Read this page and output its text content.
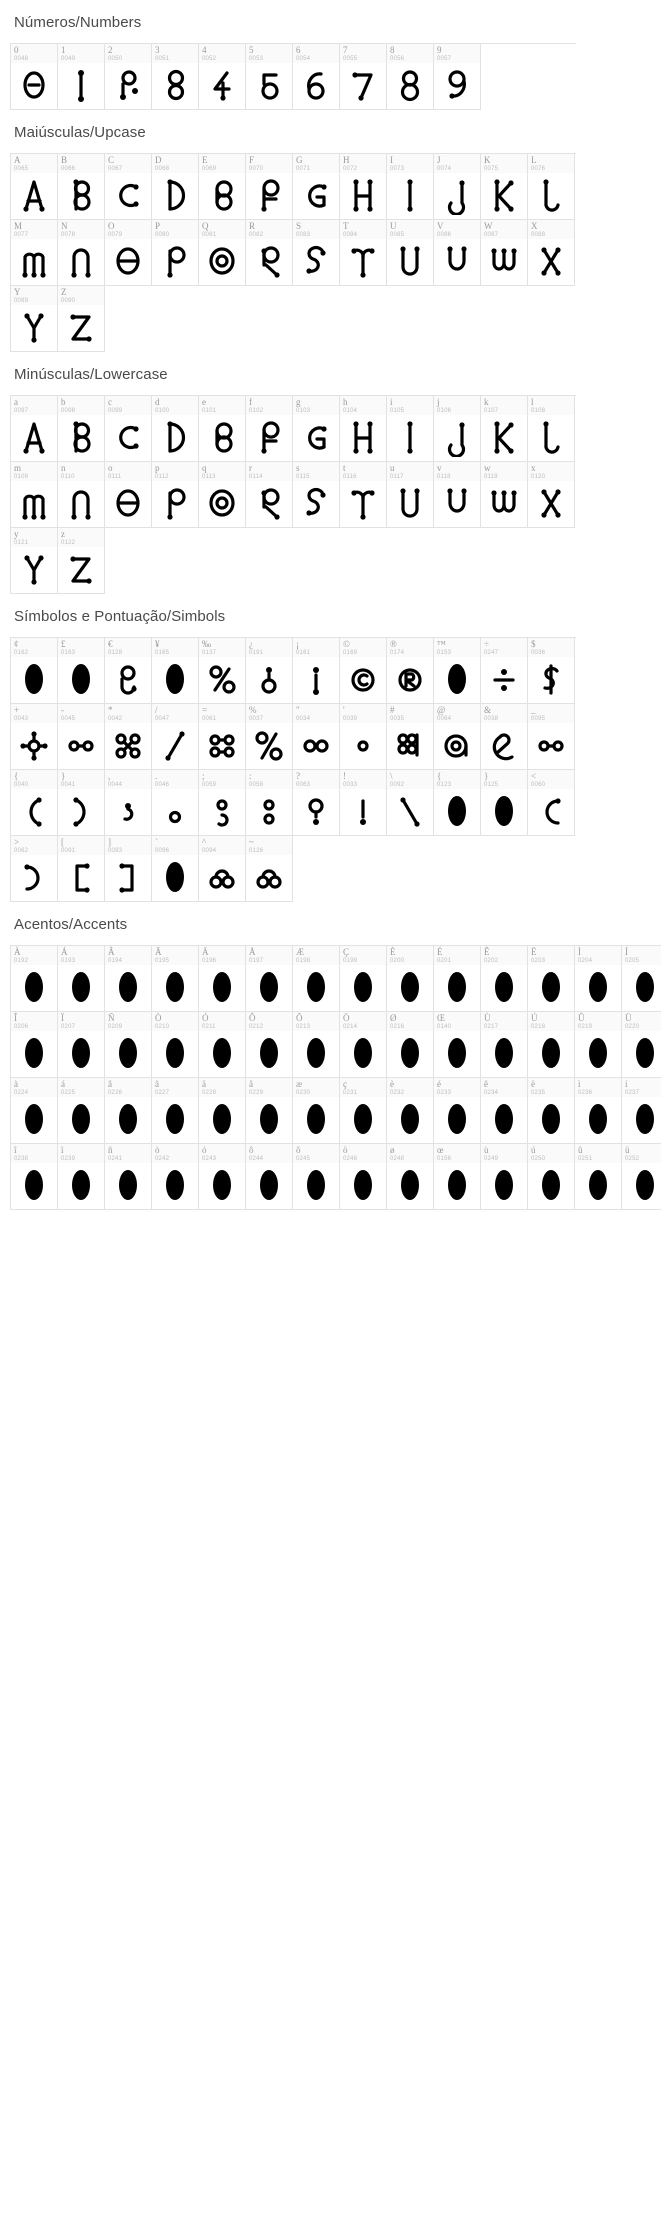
Números/Numbers
0
0048
1
0049
2
0050
3
0051
4
0052
5
0053
6
0054
7
0055
8
0056
9
0057
Maiúsculas/Upcase
A
0065
B
0066
C
0067
D
0068
E
0069
F
0070
G
0071
H
0072
I
0073
J
0074
K
0075
L
0076
M
0077
N
0078
O
0079
P
0080
Q
0081
R
0082
S
0083
T
0084
U
0085
V
0086
W
0087
X
0088
Y
0089
Z
0090
Minúsculas/Lowercase
a
0097
b
0098
c
0099
d
0100
e
0101
f
0102
g
0103
h
0104
i
0105
j
0106
k
0107
l
0108
m
0109
n
0110
o
0111
p
0112
q
0113
r
0114
s
0115
t
0116
u
0117
v
0118
w
0119
x
0120
y
0121
z
0122
Símbolos e Pontuação/Simbols
¢
0162
£
0163
€
0128
¥
0165
‰
0137
¿
0191
¡
0161
©
0169
®
0174
™
0153
÷
0247
$
0036
+
0043
-
0045
*
0042
/
0047
=
0061
%
0037
"
0034
'
0039
#
0035
@
0064
&
0038
_
0095
{
0040
}
0041
,
0044
.
0046
;
0059
:
0058
?
0063
!
0033
\
0092
{
0123
}
0125
<
0060
>
0062
[
0091
]
0093
`
0096
^
0094
~
0126
Acentos/Accents
À
0192
Á
0193
Â
0194
Ã
0195
Ä
0196
Å
0197
Æ
0198
Ç
0199
È
0200
É
0201
Ê
0202
Ë
0203
Ì
0204
Í
0205
Î
0206
Ï
0207
Ñ
0209
Ò
0210
Ó
0211
Ô
0212
Õ
0213
Ö
0214
Ø
0216
Œ
0140
Ù
0217
Ú
0218
Û
0219
Ü
0220
à
0224
á
0225
â
0226
ã
0227
ä
0228
å
0229
æ
0230
ç
0231
è
0232
é
0233
ê
0234
ë
0235
ì
0236
í
0237
î
0238
ï
0239
ñ
0241
ò
0242
ó
0243
ô
0244
õ
0245
ö
0246
ø
0248
œ
0156
ù
0249
ú
0250
û
0251
ü
0252
